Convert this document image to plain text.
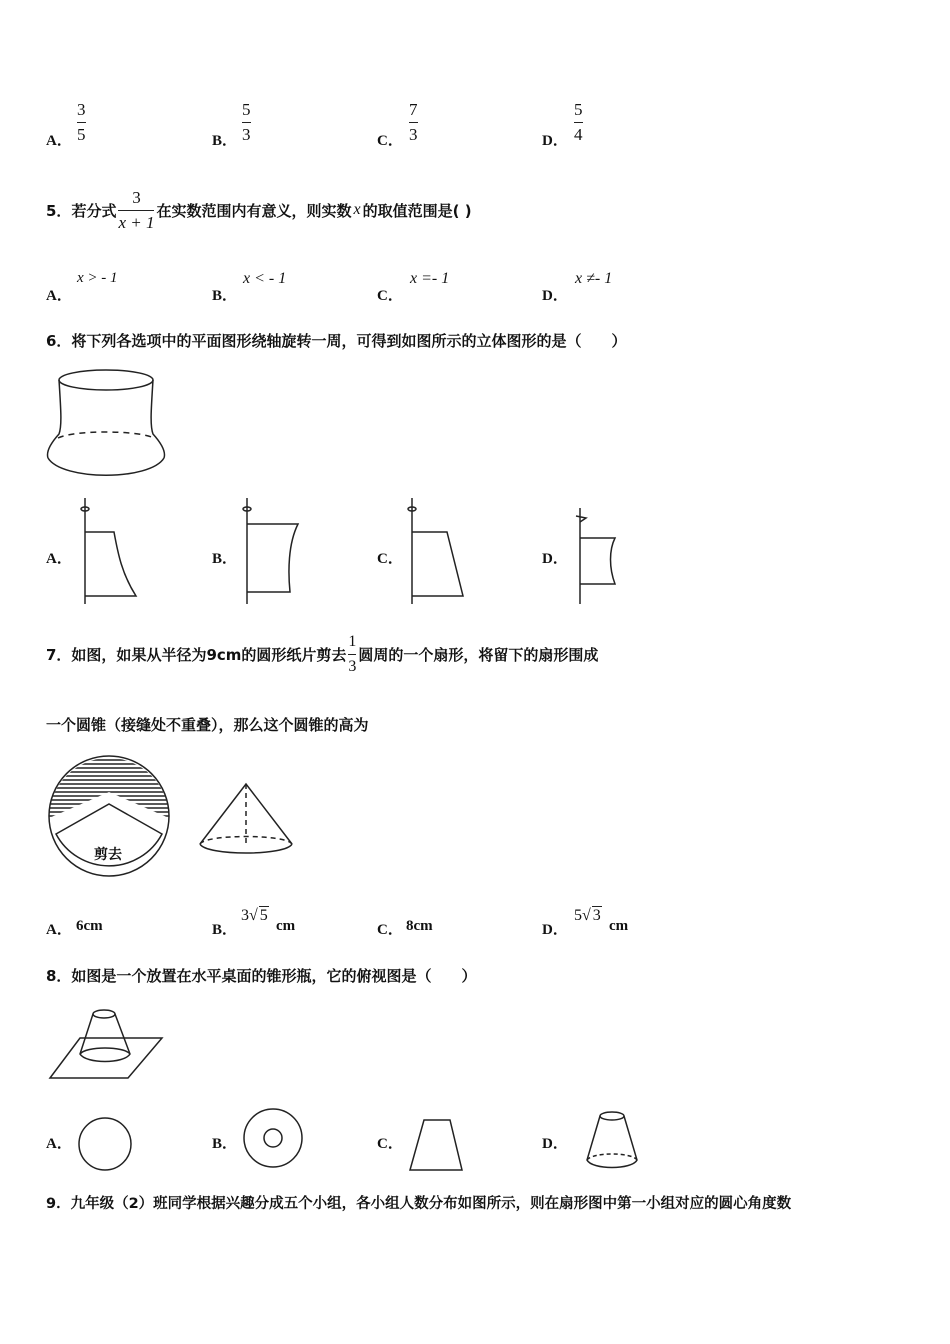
A．
3
5	B．
5
3	C．
7
3	D．
5
4
5． 若分式 $\frac{3}{x + 1}$ 在实数范围内有意义，则实数 x 的取值范围是( )
A．
x > - 1
B．
x < - 1
C．
x =- 1
D．
x ≠- 1
6．将下列各选项中的平面图形绕轴旋转一周，可得到如图所示的立体图形的是（　　）
A．	B．	C．	D．
7．如图，如果从半径为9cm的圆形纸片剪去 $\frac{1}{3}$ 圆周的一个扇形，将留下的扇形围成
一个圆锥（接缝处不重叠），那么这个圆锥的高为
剪去
A． 6cm	B．
3√ 5
cm	C． 8cm	D．
5√ 3
cm
8．如图是一个放置在水平桌面的锥形瓶，它的俯视图是（　　）
A．	B．	C．	D．
9．九年级（2）班同学根据兴趣分成五个小组，各小组人数分布如图所示，则在扇形图中第一小组对应的圆心角度数
